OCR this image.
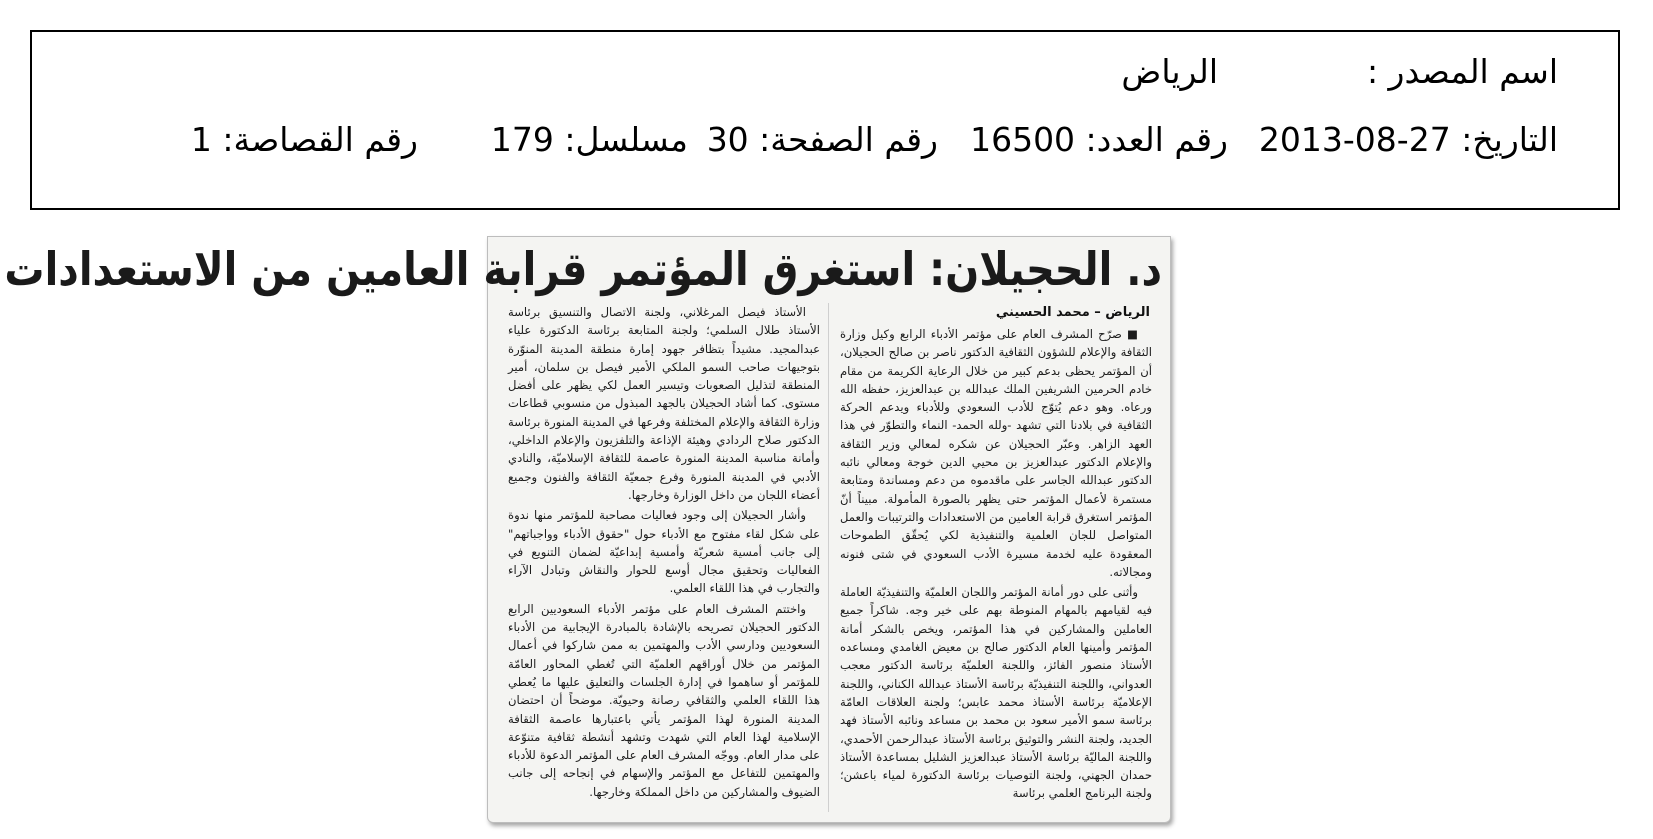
اسم المصدر :
الرياض
التاريخ: 27-08-2013
رقم العدد: 16500
رقم الصفحة: 30
مسلسل: 179
رقم القصاصة: 1
د. الحجيلان: استغرق المؤتمر قرابة العامين من الاستعدادات
الرياض – محمد الحسيني

■ صرّح المشرف العام على مؤتمر الأدباء الرابع وكيل وزارة الثقافة والإعلام للشؤون الثقافية الدكتور ناصر بن صالح الحجيلان، أن المؤتمر يحظى بدعم كبير من خلال الرعاية الكريمة من مقام خادم الحرمين الشريفين الملك عبدالله بن عبدالعزيز، حفظه الله ورعاه. وهو دعم يُتوّج للأدب السعودي وللأدباء ويدعم الحركة الثقافية في بلادنا التي تشهد -ولله الحمد- النماء والتطوّر في هذا العهد الزاهر. وعبّر الحجيلان عن شكره لمعالي وزير الثقافة والإعلام الدكتور عبدالعزيز بن محيي الدين خوجة ومعالي نائبه الدكتور عبدالله الجاسر على ماقدموه من دعم ومساندة ومتابعة مستمرة لأعمال المؤتمر حتى يظهر بالصورة المأمولة. مبيناً أنّ المؤتمر استغرق قرابة العامين من الاستعدادات والترتيبات والعمل المتواصل للجان العلمية والتنفيذية لكي يُحقّق الطموحات المعقودة عليه لخدمة مسيرة الأدب السعودي في شتى فنونه ومجالاته.

وأثنى على دور أمانة المؤتمر واللجان العلميّة والتنفيذيّة العاملة فيه لقيامهم بالمهام المنوطة بهم على خير وجه. شاكراً جميع العاملين والمشاركين في هذا المؤتمر، ويخص بالشكر أمانة المؤتمر وأمينها العام الدكتور صالح بن معيض الغامدي ومساعده الأستاذ منصور الفائز، واللجنة العلميّة برئاسة الدكتور معجب العدواني، واللجنة التنفيذيّة برئاسة الأستاذ عبدالله الكناني، واللجنة الإعلاميّة برئاسة الأستاذ محمد عابس؛ ولجنة العلاقات العامّة برئاسة سمو الأمير سعود بن محمد بن مساعد ونائبه الأستاذ فهد الجديد، ولجنة النشر والتوثيق برئاسة الأستاذ عبدالرحمن الأحمدي، واللجنة الماليّة برئاسة الأستاذ عبدالعزيز الشليل بمساعدة الأستاذ حمدان الجهني، ولجنة التوصيات برئاسة الدكتورة لمياء باعشن؛ ولجنة البرنامج العلمي برئاسة

الأستاذ فيصل المرغلاني، ولجنة الاتصال والتنسيق برئاسة الأستاذ طلال السلمي؛ ولجنة المتابعة برئاسة الدكتورة علياء عبدالمجيد. مشيداً بتظافر جهود إمارة منطقة المدينة المنوّرة بتوجيهات صاحب السمو الملكي الأمير فيصل بن سلمان، أمير المنطقة لتذليل الصعوبات وتيسير العمل لكي يظهر على أفضل مستوى. كما أشاد الحجيلان بالجهد المبذول من منسوبي قطاعات وزارة الثقافة والإعلام المختلفة وفرعها في المدينة المنورة برئاسة الدكتور صلاح الردادي وهيئة الإذاعة والتلفزيون والإعلام الداخلي، وأمانة مناسبة المدينة المنورة عاصمة للثقافة الإسلاميّة، والنادي الأدبي في المدينة المنورة وفرع جمعيّة الثقافة والفنون وجميع أعضاء اللجان من داخل الوزارة وخارجها.

وأشار الحجيلان إلى وجود فعاليات مصاحبة للمؤتمر منها ندوة على شكل لقاء مفتوح مع الأدباء حول "حقوق الأدباء وواجباتهم" إلى جانب أمسية شعريّة وأمسية إبداعيّة لضمان التنويع في الفعاليات وتحقيق مجال أوسع للحوار والنقاش وتبادل الآراء والتجارب في هذا اللقاء العلمي.

واختتم المشرف العام على مؤتمر الأدباء السعوديين الرابع الدكتور الحجيلان تصريحه بالإشادة بالمبادرة الإيجابية من الأدباء السعوديين ودارسي الأدب والمهتمين به ممن شاركوا في أعمال المؤتمر من خلال أوراقهم العلميّة التي تُغطي المحاور العامّة للمؤتمر أو ساهموا في إدارة الجلسات والتعليق عليها ما يُعطي هذا اللقاء العلمي والثقافي رصانة وحيويّة. موضحاً أن احتضان المدينة المنورة لهذا المؤتمر يأتي باعتبارها عاصمة الثقافة الإسلامية لهذا العام التي شهدت وتشهد أنشطة ثقافية متنوّعة على مدار العام. ووجّه المشرف العام على المؤتمر الدعوة للأدباء والمهتمين للتفاعل مع المؤتمر والإسهام في إنجاحه إلى جانب الضيوف والمشاركين من داخل المملكة وخارجها.
